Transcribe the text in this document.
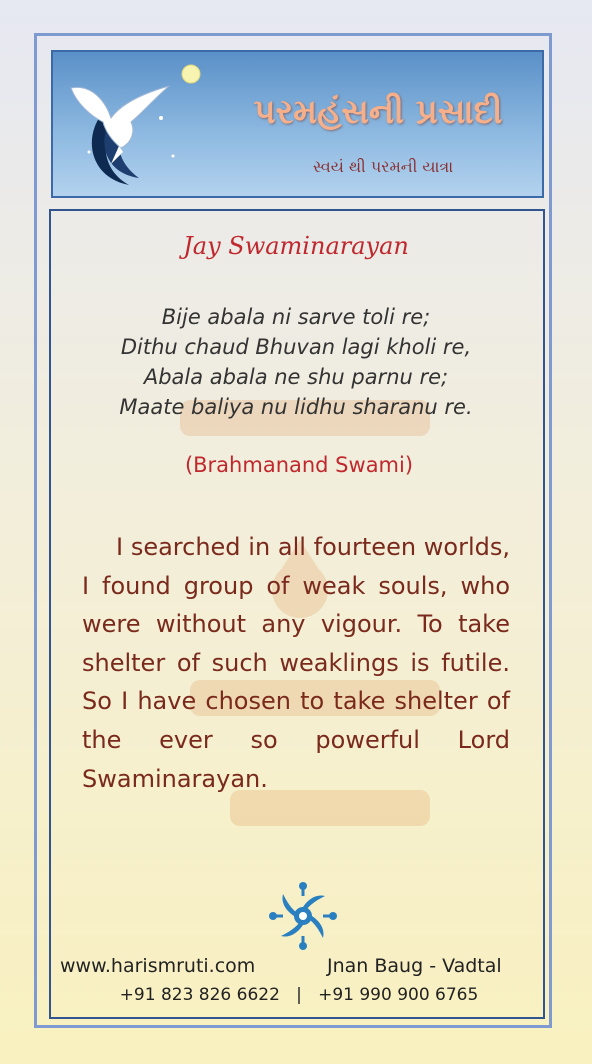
પરમહંસની પ્રસાદી
સ્વયં થી પરમની યાત્રા
Jay Swaminarayan
Bije abala ni sarve toli re;
Dithu chaud Bhuvan lagi kholi re,
Abala abala ne shu parnu re;
Maate baliya nu lidhu sharanu re.
(Brahmanand Swami)

I searched in all fourteen worlds, I found group of weak souls, who were without any vigour. To take shelter of such weaklings is futile. So I have chosen to take shelter of the ever so powerful Lord Swaminarayan.

www.harismruti.com	Jnan Baug - Vadtal
+91 823 826 6622   |   +91 990 900 6765
